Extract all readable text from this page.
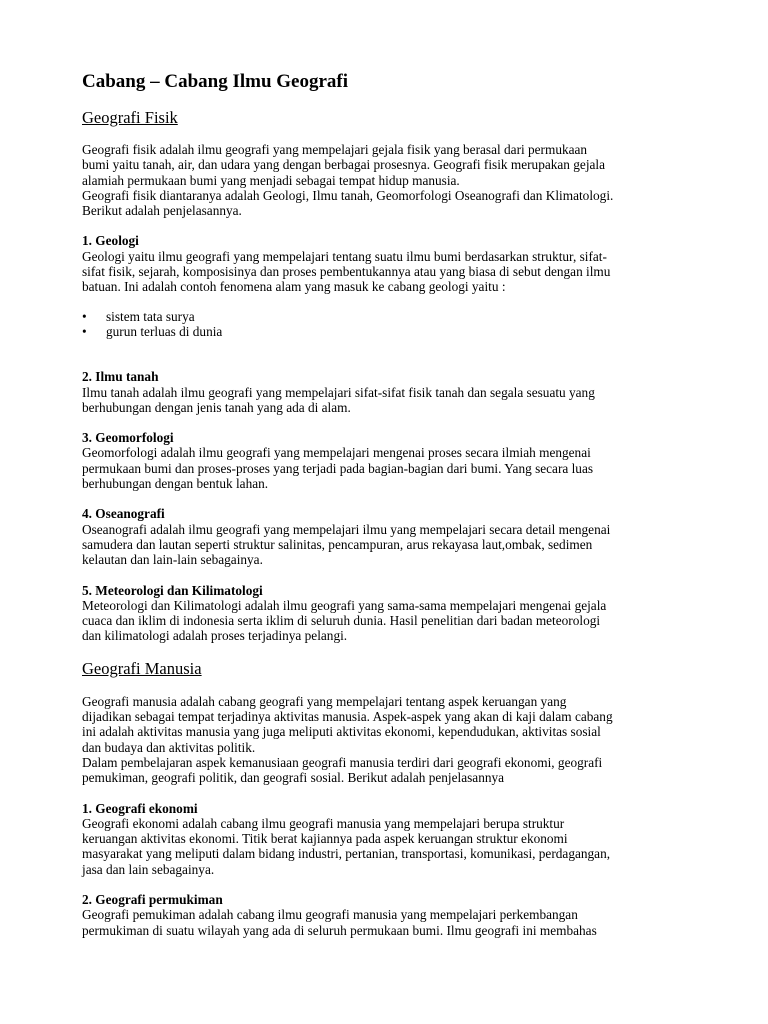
Cabang – Cabang Ilmu Geografi
Geografi Fisik

Geografi fisik adalah ilmu geografi yang mempelajari gejala fisik yang berasal dari permukaan

bumi yaitu tanah, air, dan udara yang dengan berbagai prosesnya. Geografi fisik merupakan gejala

alamiah permukaan bumi yang menjadi sebagai tempat hidup manusia.

Geografi fisik diantaranya adalah Geologi, Ilmu tanah, Geomorfologi Oseanografi dan Klimatologi.

Berikut adalah penjelasannya.

1. Geologi

Geologi yaitu ilmu geografi yang mempelajari tentang suatu ilmu bumi berdasarkan struktur, sifat-

sifat fisik, sejarah, komposisinya dan proses pembentukannya atau yang biasa di sebut dengan ilmu

batuan. Ini adalah contoh fenomena alam yang masuk ke cabang geologi yaitu :

• sistem tata surya
• gurun terluas di dunia

2. Ilmu tanah

Ilmu tanah adalah ilmu geografi yang mempelajari sifat-sifat fisik tanah dan segala sesuatu yang

berhubungan dengan jenis tanah yang ada di alam.

3. Geomorfologi

Geomorfologi adalah ilmu geografi yang mempelajari mengenai proses secara ilmiah mengenai

permukaan bumi dan proses-proses yang terjadi pada bagian-bagian dari bumi. Yang secara luas

berhubungan dengan bentuk lahan.

4. Oseanografi

Oseanografi adalah ilmu geografi yang mempelajari ilmu yang mempelajari secara detail mengenai

samudera dan lautan seperti struktur salinitas, pencampuran, arus rekayasa laut,ombak, sedimen

kelautan dan lain-lain sebagainya.

5. Meteorologi dan Kilimatologi

Meteorologi dan Kilimatologi adalah ilmu geografi yang sama-sama mempelajari mengenai gejala

cuaca dan iklim di indonesia serta iklim di seluruh dunia. Hasil penelitian dari badan meteorologi

dan kilimatologi adalah proses terjadinya pelangi.

Geografi Manusia

Geografi manusia adalah cabang geografi yang mempelajari tentang aspek keruangan yang

dijadikan sebagai tempat terjadinya aktivitas manusia. Aspek-aspek yang akan di kaji dalam cabang

ini adalah aktivitas manusia yang juga meliputi aktivitas ekonomi, kependudukan, aktivitas sosial

dan budaya dan aktivitas politik.

Dalam pembelajaran aspek kemanusiaan geografi manusia terdiri dari geografi ekonomi, geografi

pemukiman, geografi politik, dan geografi sosial. Berikut adalah penjelasannya

1. Geografi ekonomi

Geografi ekonomi adalah cabang ilmu geografi manusia yang mempelajari berupa struktur

keruangan aktivitas ekonomi. Titik berat kajiannya pada aspek keruangan struktur ekonomi

masyarakat yang meliputi dalam bidang industri, pertanian, transportasi, komunikasi, perdagangan,

jasa dan lain sebagainya.

2. Geografi permukiman

Geografi pemukiman adalah cabang ilmu geografi manusia yang mempelajari perkembangan

permukiman di suatu wilayah yang ada di seluruh permukaan bumi. Ilmu geografi ini membahas
